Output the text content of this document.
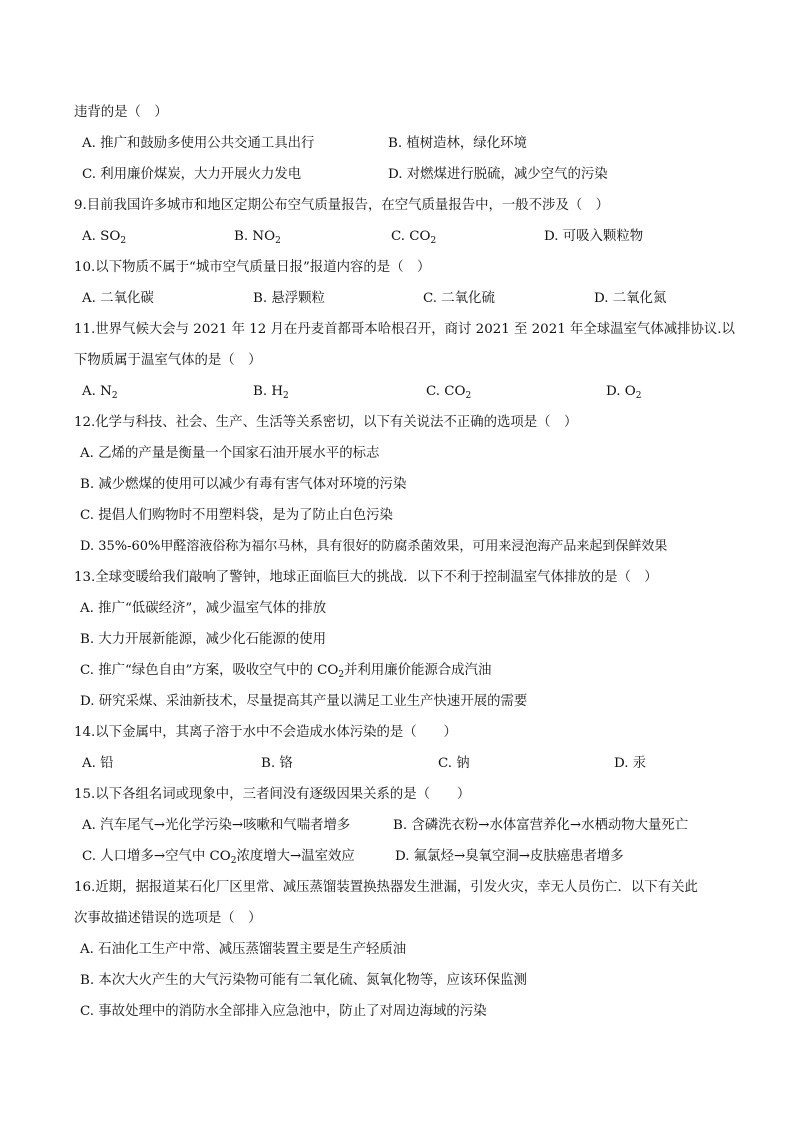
违背的是（　）
A. 推广和鼓励多使用公共交通工具出行	B. 植树造林，绿化环境
C. 利用廉价煤炭，大力开展火力发电	D. 对燃煤进行脱硫，减少空气的污染
9.目前我国许多城市和地区定期公布空气质量报告，在空气质量报告中，一般不涉及（　）
A. $SO_2$	B. $NO_2$	C. $CO_2$	D. 可吸入颗粒物
10.以下物质不属于“城市空气质量日报”报道内容的是（　）
A. 二氧化碳	B. 悬浮颗粒	C. 二氧化硫	D. 二氧化氮
11.世界气候大会与 2021 年 12 月在丹麦首都哥本哈根召开，商讨 2021 至 2021 年全球温室气体减排协议.以
下物质属于温室气体的是（　）
A. $N_2$	B. $H_2$	C. $CO_2$	D. $O_2$
12.化学与科技、社会、生产、生活等关系密切，以下有关说法不正确的选项是（　）
A. 乙烯的产量是衡量一个国家石油开展水平的标志
B. 减少燃煤的使用可以减少有毒有害气体对环境的污染
C. 提倡人们购物时不用塑料袋，是为了防止白色污染
D. 35%-60%甲醛溶液俗称为福尔马林，具有很好的防腐杀菌效果，可用来浸泡海产品来起到保鲜效果
13.全球变暖给我们敲响了警钟，地球正面临巨大的挑战．以下不利于控制温室气体排放的是（　）
A. 推广“低碳经济”，减少温室气体的排放
B. 大力开展新能源，减少化石能源的使用
C. 推广“绿色自由”方案，吸收空气中的 $CO_2$并利用廉价能源合成汽油
D. 研究采煤、采油新技术，尽量提高其产量以满足工业生产快速开展的需要
14.以下金属中，其离子溶于水中不会造成水体污染的是（　　）
A. 铅	B. 铬	C. 钠	D. 汞
15.以下各组名词或现象中，三者间没有逐级因果关系的是（　　）
A. 汽车尾气→光化学污染→咳嗽和气喘者增多	B. 含磷洗衣粉→水体富营养化→水栖动物大量死亡
C. 人口增多→空气中 $CO_2$浓度增大→温室效应	D. 氟氯烃→臭氧空洞→皮肤癌患者增多
16.近期，据报道某石化厂区里常、减压蒸馏装置换热器发生泄漏，引发火灾，幸无人员伤亡．以下有关此
次事故描述错误的选项是（　）
A. 石油化工生产中常、减压蒸馏装置主要是生产轻质油
B. 本次大火产生的大气污染物可能有二氧化硫、氮氧化物等，应该环保监测
C. 事故处理中的消防水全部排入应急池中，防止了对周边海域的污染
